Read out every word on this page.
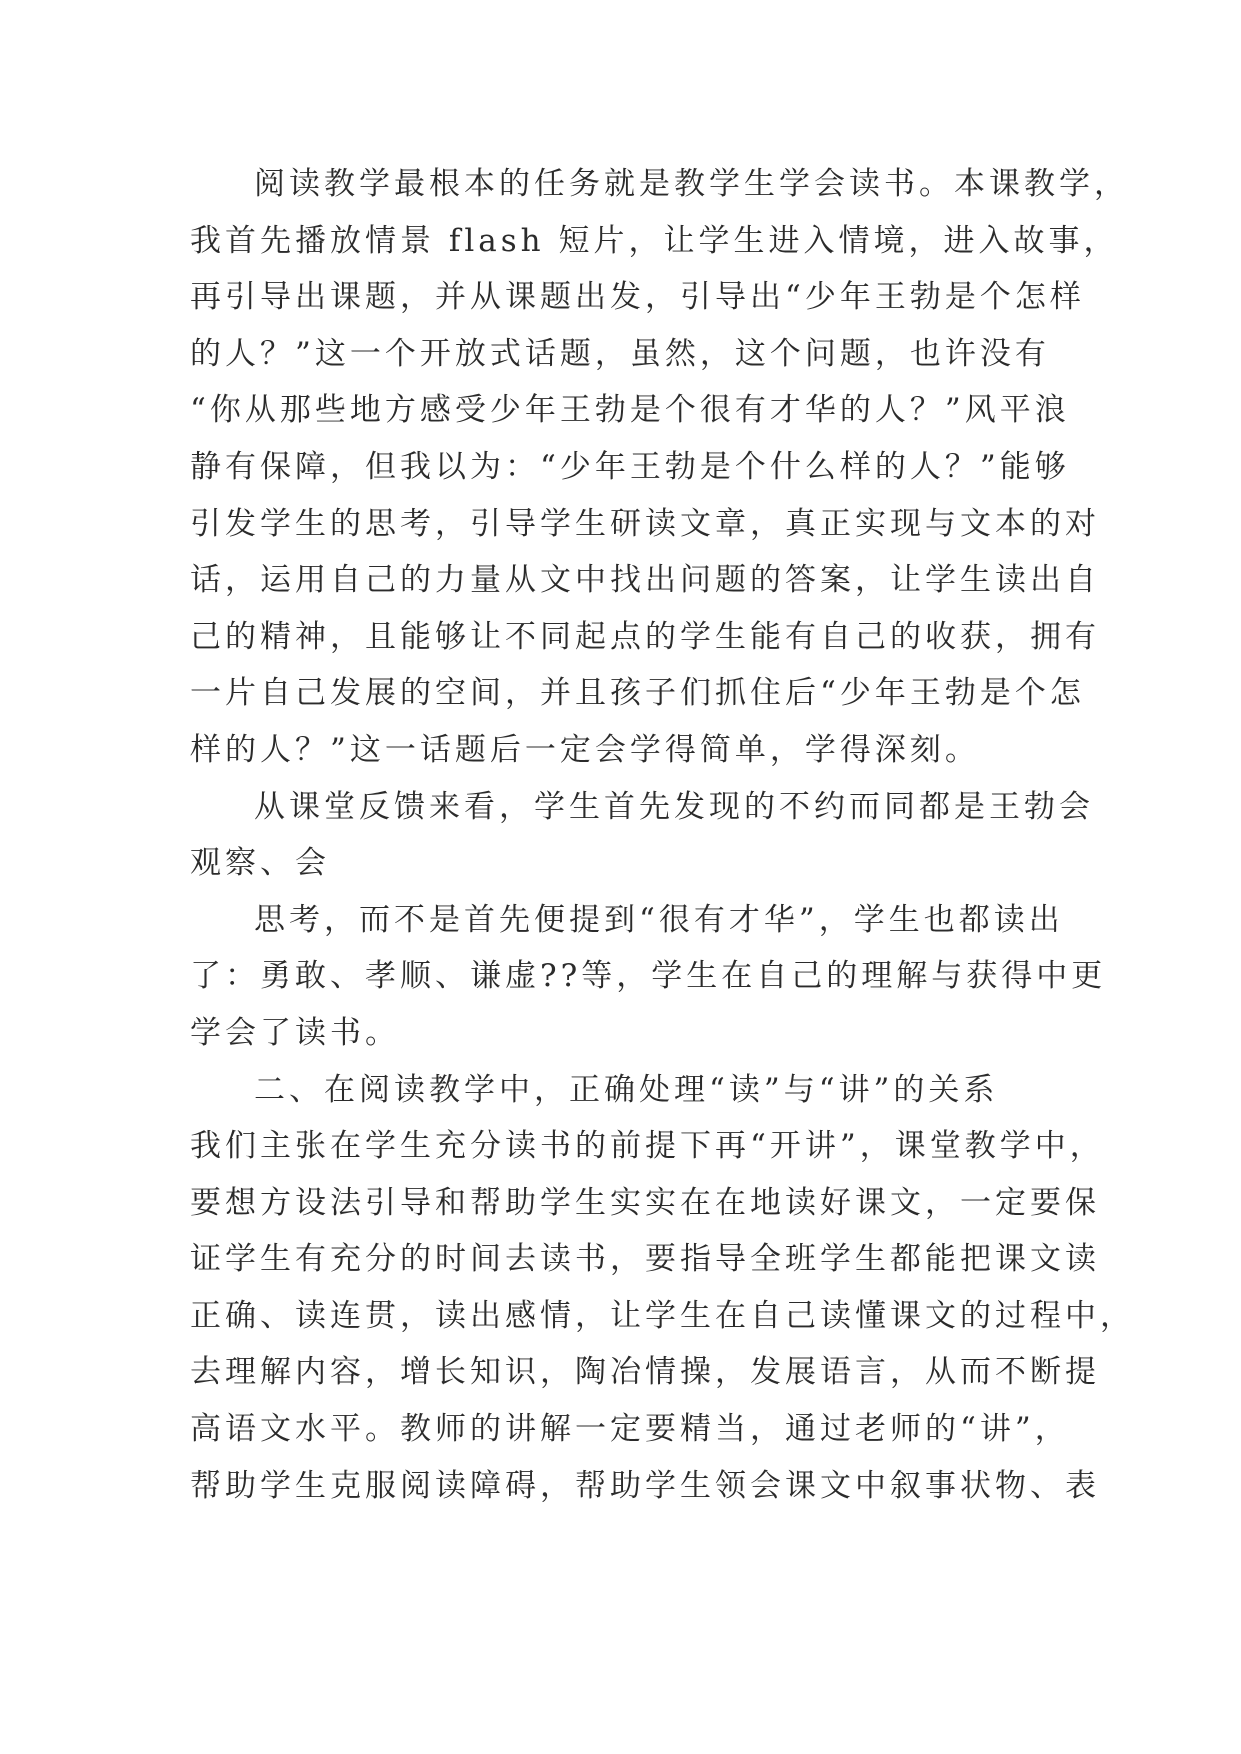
阅读教学最根本的任务就是教学生学会读书。本课教学，
我首先播放情景 flash 短片，让学生进入情境，进入故事，
再引导出课题，并从课题出发，引导出“少年王勃是个怎样
的人？”这一个开放式话题，虽然，这个问题，也许没有
“你从那些地方感受少年王勃是个很有才华的人？”风平浪
静有保障，但我以为：“少年王勃是个什么样的人？”能够
引发学生的思考，引导学生研读文章，真正实现与文本的对
话，运用自己的力量从文中找出问题的答案，让学生读出自
己的精神，且能够让不同起点的学生能有自己的收获，拥有
一片自己发展的空间，并且孩子们抓住后“少年王勃是个怎
样的人？”这一话题后一定会学得简单，学得深刻。
从课堂反馈来看，学生首先发现的不约而同都是王勃会
观察、会
思考，而不是首先便提到“很有才华”，学生也都读出
了：勇敢、孝顺、谦虚??等，学生在自己的理解与获得中更
学会了读书。
二、在阅读教学中，正确处理“读”与“讲”的关系
我们主张在学生充分读书的前提下再“开讲”，课堂教学中，
要想方设法引导和帮助学生实实在在地读好课文，一定要保
证学生有充分的时间去读书，要指导全班学生都能把课文读
正确、读连贯，读出感情，让学生在自己读懂课文的过程中，
去理解内容，增长知识，陶冶情操，发展语言，从而不断提
高语文水平。教师的讲解一定要精当，通过老师的“讲”，
帮助学生克服阅读障碍，帮助学生领会课文中叙事状物、表
